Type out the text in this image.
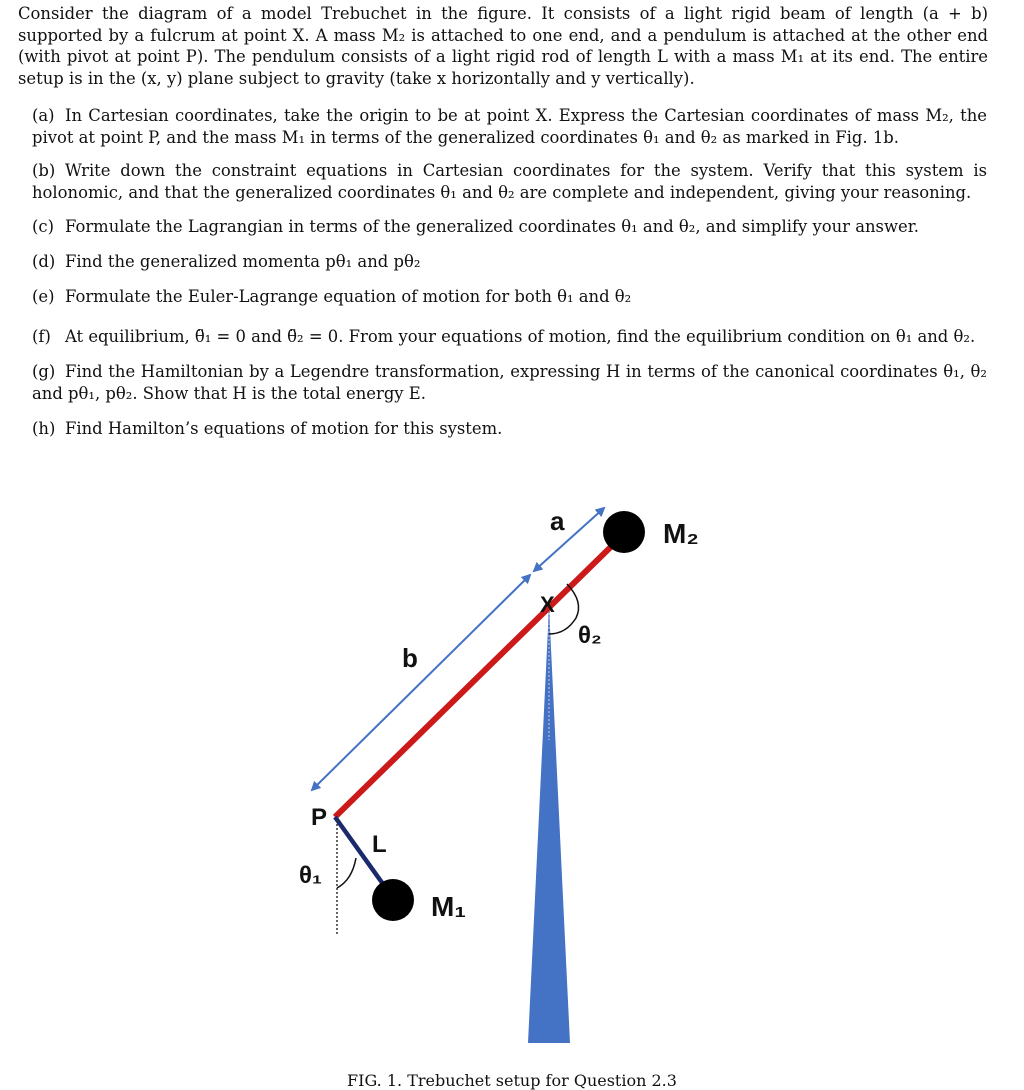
Consider the diagram of a model Trebuchet in the figure. It consists of a light rigid beam of length (a + b) supported by a fulcrum at point X. A mass M₂ is attached to one end, and a pendulum is attached at the other end (with pivot at point P). The pendulum consists of a light rigid rod of length L with a mass M₁ at its end. The entire setup is in the (x, y) plane subject to gravity (take x horizontally and y vertically).

(a) In Cartesian coordinates, take the origin to be at point X. Express the Cartesian coordinates of mass M₂, the pivot at point P, and the mass M₁ in terms of the generalized coordinates θ₁ and θ₂ as marked in Fig. 1b.
(b) Write down the constraint equations in Cartesian coordinates for the system. Verify that this system is holonomic, and that the generalized coordinates θ₁ and θ₂ are complete and independent, giving your reasoning.
(c) Formulate the Lagrangian in terms of the generalized coordinates θ₁ and θ₂, and simplify your answer.
(d) Find the generalized momenta pθ₁ and pθ₂
(e) Formulate the Euler-Lagrange equation of motion for both θ₁ and θ₂
(f) At equilibrium, θ̈₁ = 0 and θ̈₂ = 0. From your equations of motion, find the equilibrium condition on θ₁ and θ₂.
(g) Find the Hamiltonian by a Legendre transformation, expressing H in terms of the canonical coordinates θ₁, θ₂ and pθ₁, pθ₂. Show that H is the total energy E.
(h) Find Hamilton’s equations of motion for this system.
a
b
X
θ₂
P
L
θ₁
M₁
M₂

FIG. 1. Trebuchet setup for Question 2.3
